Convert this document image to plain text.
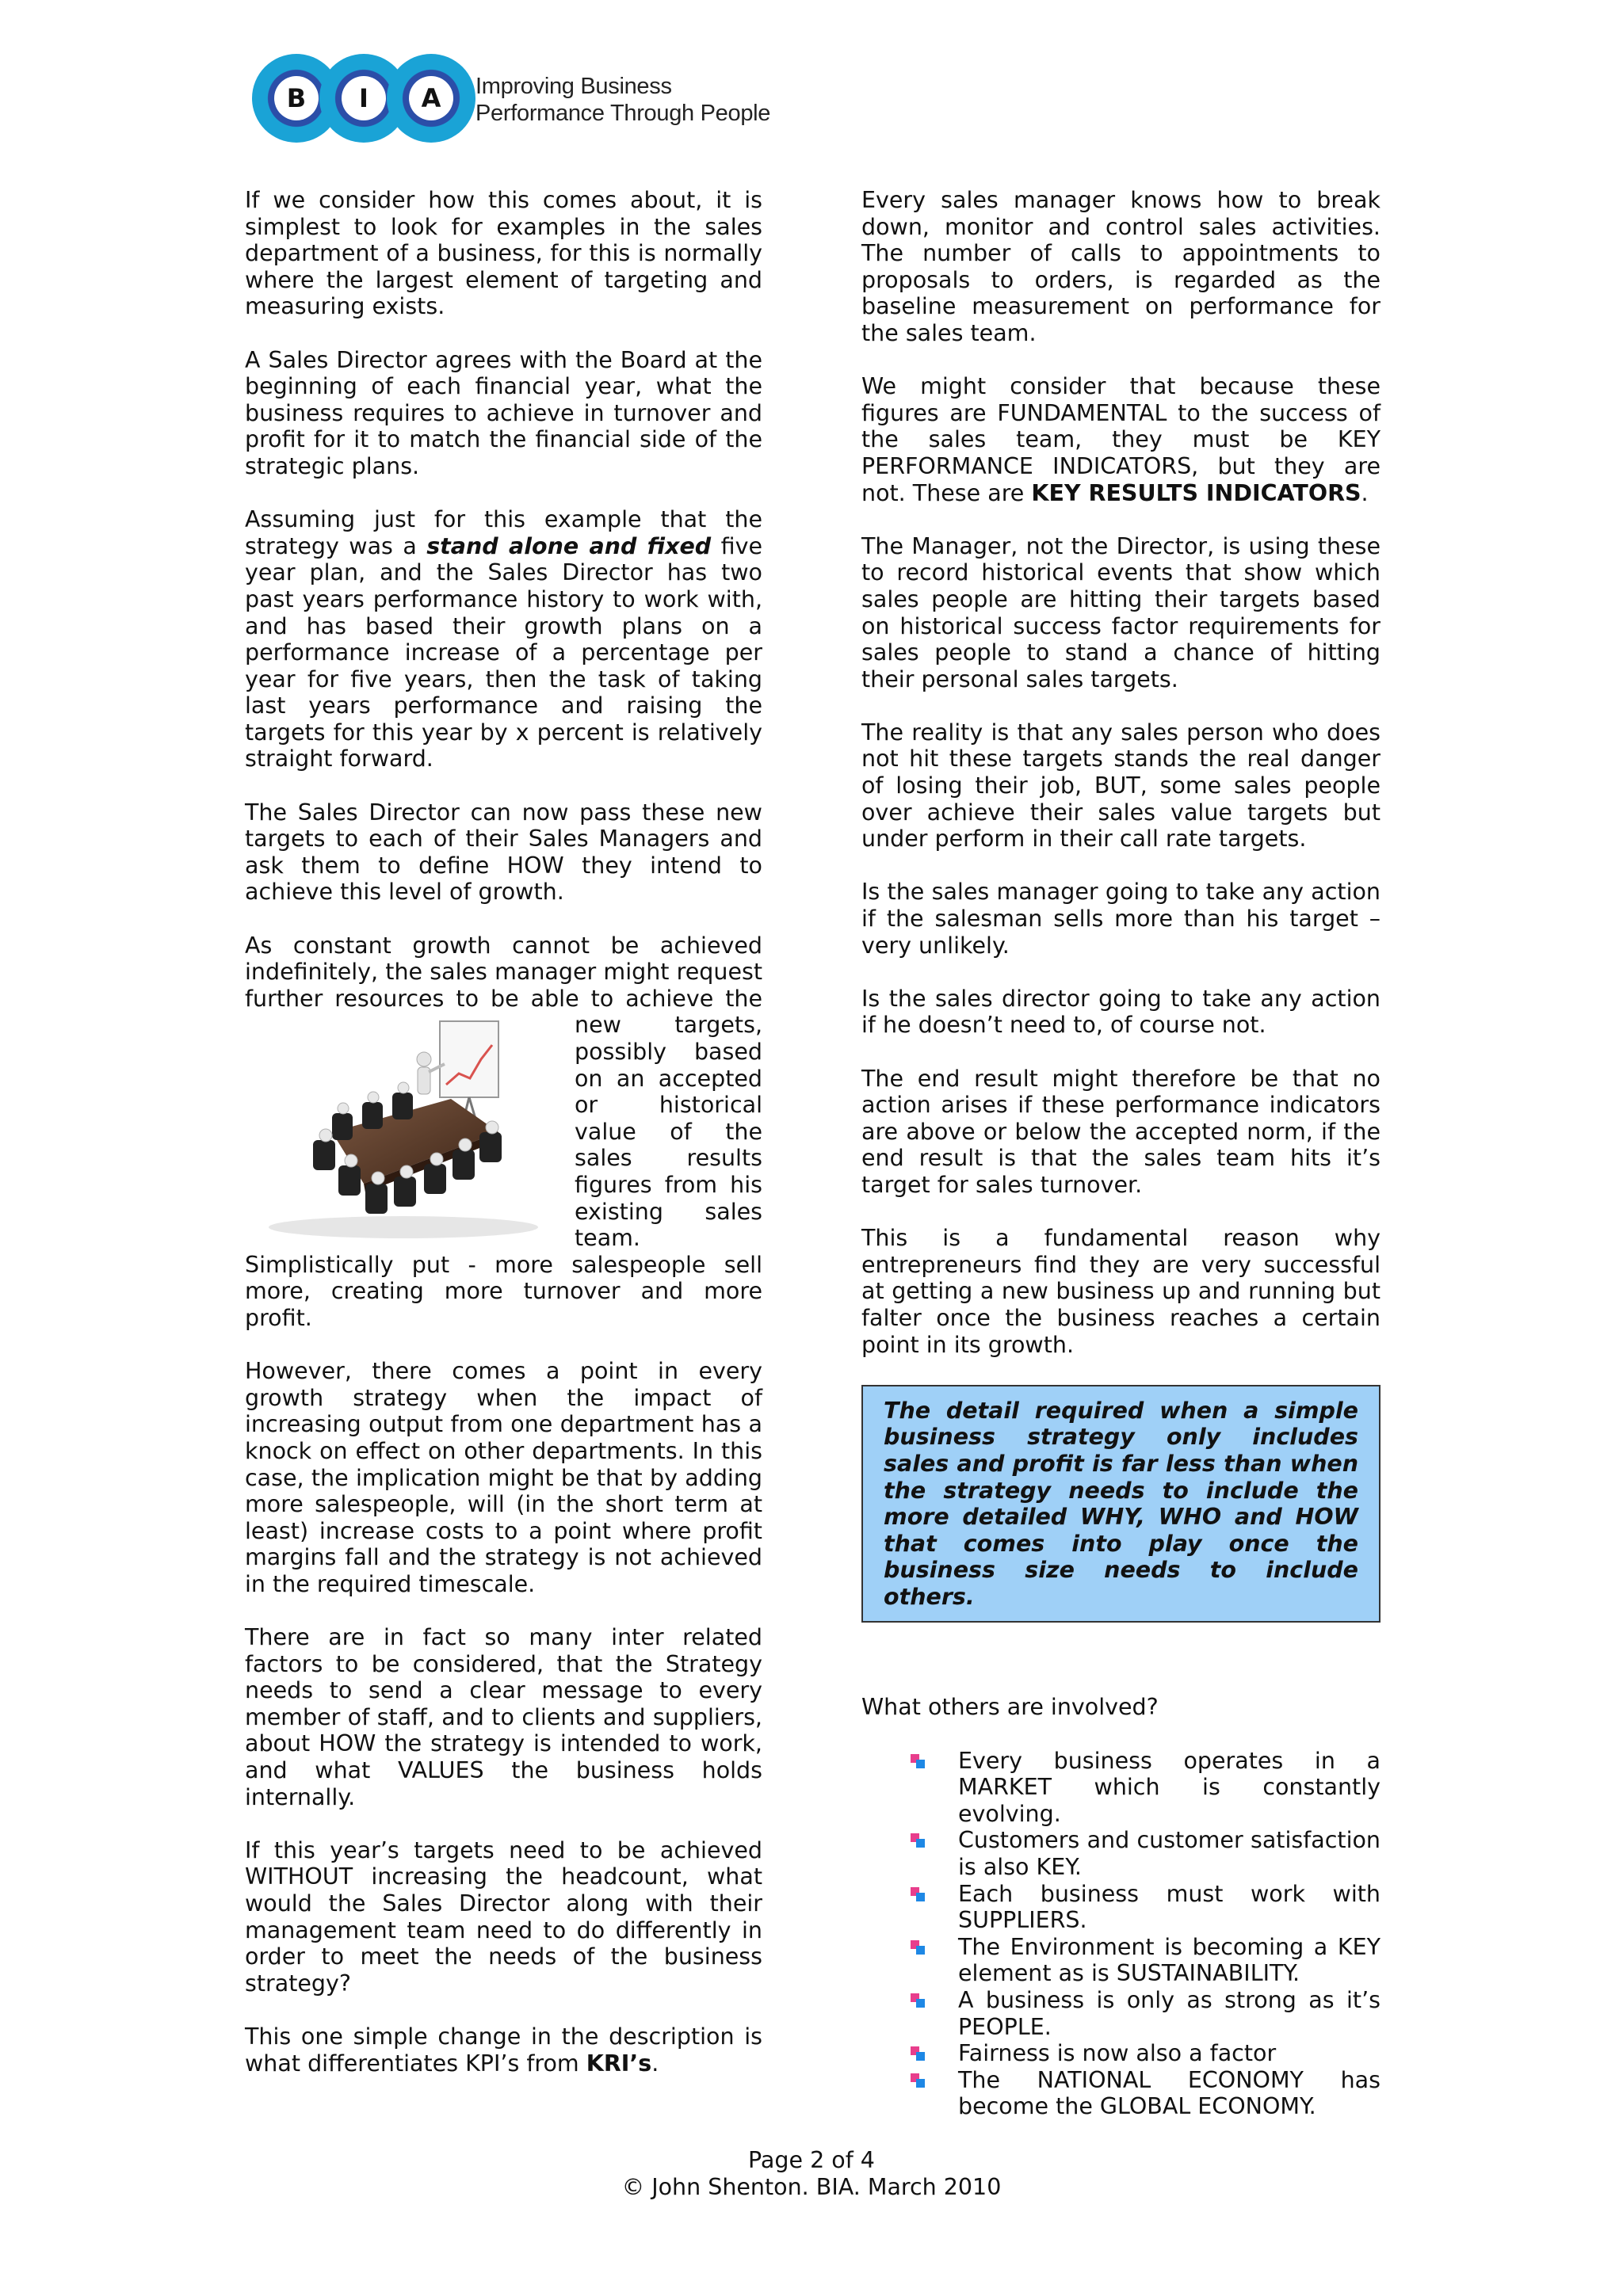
B	I	A	Improving Business
Performance Through People

If we consider how this comes about, it is simplest to look for examples in the sales department of a business, for this is normally where the largest element of targeting and measuring exists.

A Sales Director agrees with the Board at the beginning of each financial year, what the business requires to achieve in turnover and profit for it to match the financial side of the strategic plans.

Assuming just for this example that the strategy was a stand alone and fixed five year plan, and the Sales Director has two past years performance history to work with, and has based their growth plans on a performance increase of a percentage per year for five years, then the task of taking last years performance and raising the targets for this year by x percent is relatively straight forward.

The Sales Director can now pass these new targets to each of their Sales Managers and ask them to define HOW they intend to achieve this level of growth.

As constant growth cannot be achieved indefinitely, the sales manager might request further resources to be able to achieve the
new targets, possibly based on an accepted or historical value of the sales results figures from his existing sales team. Simplistically put - more salespeople sell more, creating more turnover and more profit.

However, there comes a point in every growth strategy when the impact of increasing output from one department has a knock on effect on other departments. In this case, the implication might be that by adding more salespeople, will (in the short term at least) increase costs to a point where profit margins fall and the strategy is not achieved in the required timescale.

There are in fact so many inter related factors to be considered, that the Strategy needs to send a clear message to every member of staff, and to clients and suppliers, about HOW the strategy is intended to work, and what VALUES the business holds internally.

If this year’s targets need to be achieved WITHOUT increasing the headcount, what would the Sales Director along with their management team need to do differently in order to meet the needs of the business strategy?

This one simple change in the description is what differentiates KPI’s from KRI’s.

Every sales manager knows how to break down, monitor and control sales activities. The number of calls to appointments to proposals to orders, is regarded as the baseline measurement on performance for the sales team.

We might consider that because these figures are FUNDAMENTAL to the success of the sales team, they must be KEY PERFORMANCE INDICATORS, but they are not. These are KEY RESULTS INDICATORS.

The Manager, not the Director, is using these to record historical events that show which sales people are hitting their targets based on historical success factor requirements for sales people to stand a chance of hitting their personal sales targets.

The reality is that any sales person who does not hit these targets stands the real danger of losing their job, BUT, some sales people over achieve their sales value targets but under perform in their call rate targets.

Is the sales manager going to take any action if the salesman sells more than his target – very unlikely.

Is the sales director going to take any action if he doesn’t need to, of course not.

The end result might therefore be that no action arises if these performance indicators are above or below the accepted norm, if the end result is that the sales team hits it’s target for sales turnover.

This is a fundamental reason why entrepreneurs find they are very successful at getting a new business up and running but falter once the business reaches a certain point in its growth.

The detail required when a simple business strategy only includes sales and profit is far less than when the strategy needs to include the more detailed WHY, WHO and HOW that comes into play once the business size needs to include others.

What others are involved?

Every business operates in a MARKET which is constantly evolving.
Customers and customer satisfaction is also KEY.
Each business must work with SUPPLIERS.
The Environment is becoming a KEY element as is SUSTAINABILITY.
A business is only as strong as it’s PEOPLE.
Fairness is now also a factor
The NATIONAL ECONOMY has become the GLOBAL ECONOMY.
Page 2 of 4
© John Shenton. BIA. March 2010
